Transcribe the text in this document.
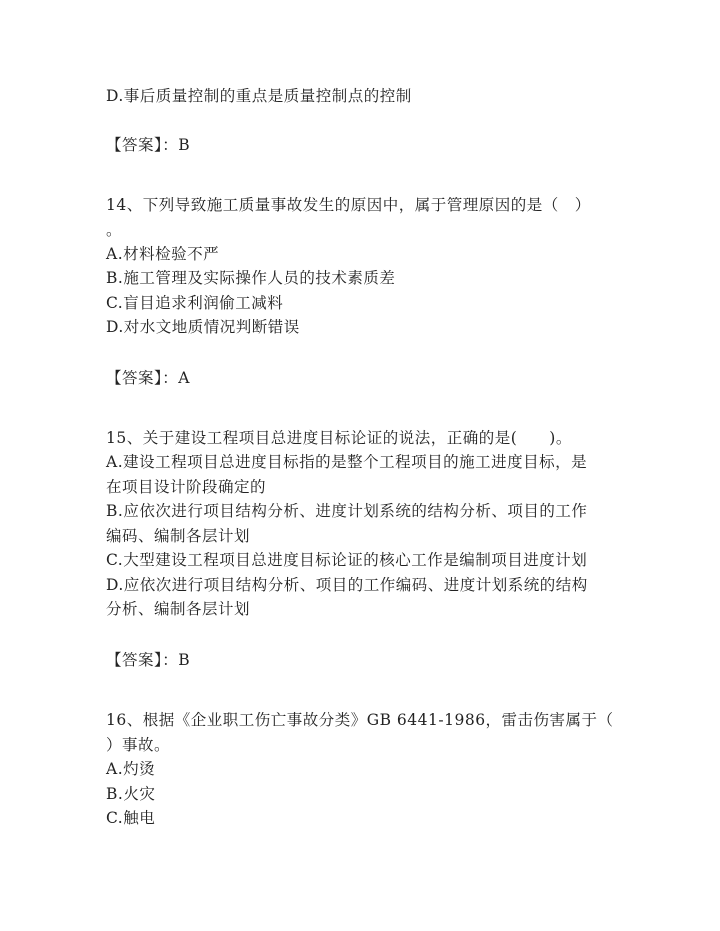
D.事后质量控制的重点是质量控制点的控制
【答案】：B
14、下列导致施工质量事故发生的原因中，属于管理原因的是（　）
。
A.材料检验不严
B.施工管理及实际操作人员的技术素质差
C.盲目追求利润偷工减料
D.对水文地质情况判断错误
【答案】：A
15、关于建设工程项目总进度目标论证的说法，正确的是(　　)。
A.建设工程项目总进度目标指的是整个工程项目的施工进度目标，是
在项目设计阶段确定的
B.应依次进行项目结构分析、进度计划系统的结构分析、项目的工作
编码、编制各层计划
C.大型建设工程项目总进度目标论证的核心工作是编制项目进度计划
D.应依次进行项目结构分析、项目的工作编码、进度计划系统的结构
分析、编制各层计划
【答案】：B
16、根据《企业职工伤亡事故分类》GB 6441-1986，雷击伤害属于（
）事故。
A.灼烫
B.火灾
C.触电
